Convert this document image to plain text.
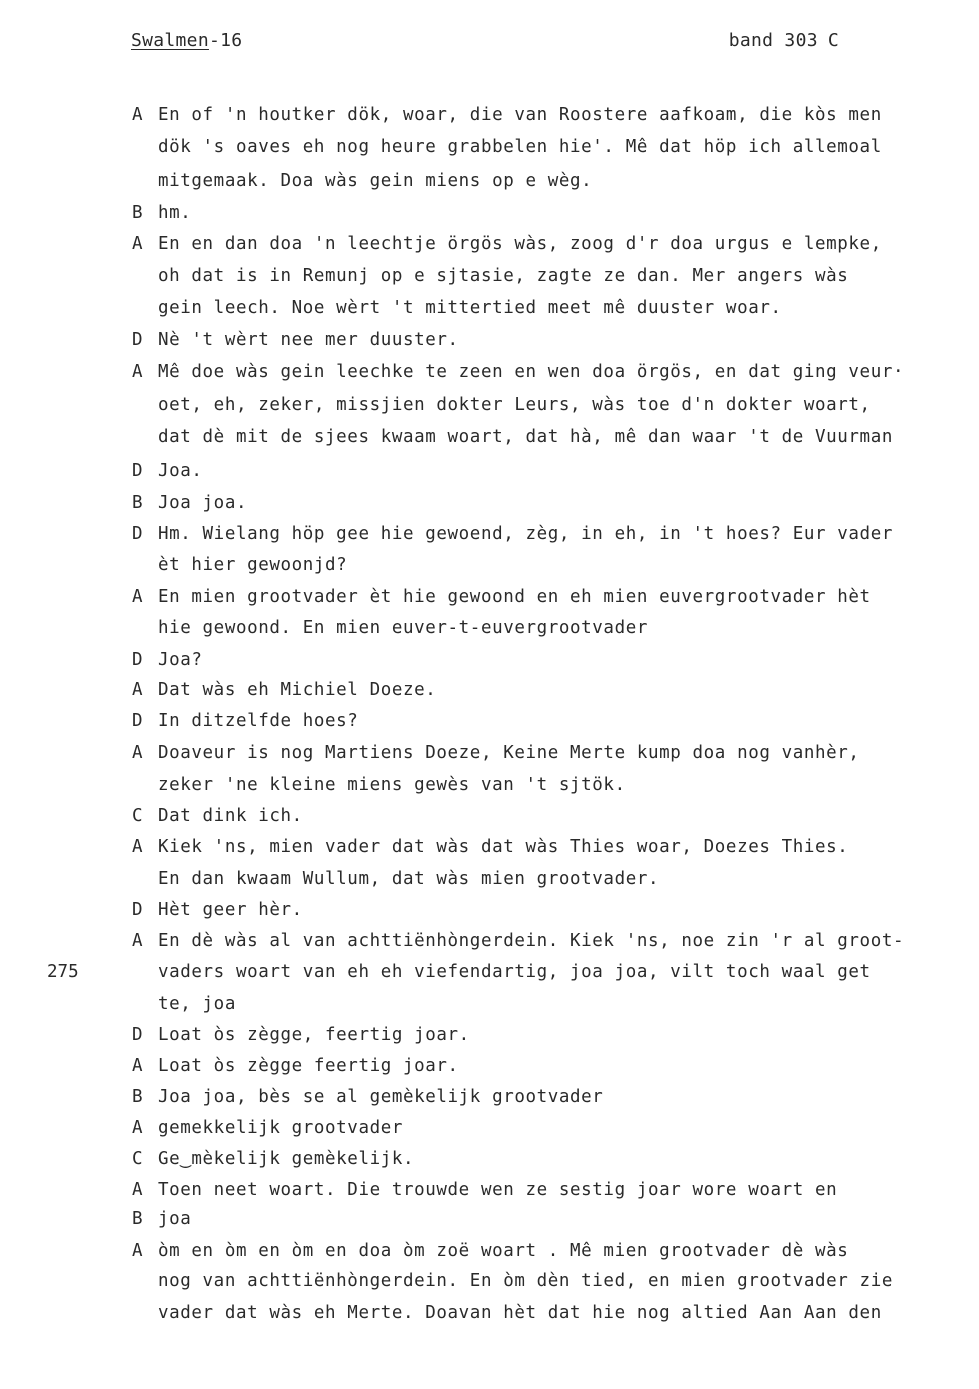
Swalmen-16	band 303 C
275
A
B
A
D
A
D
B
D
A
D
A
D
A
C
A
D
A
D
A
B
A
C
A
B
A
En of 'n houtker dök, woar, die van Roostere aafkoam, die kòs men
dök 's oaves eh nog heure grabbelen hie'. Mê dat höp ich allemoal
mitgemaak. Doa wàs gein miens op e wèg.
hm.
En en dan doa 'n leechtje örgös wàs, zoog d'r doa urgus e lempke,
oh dat is in Remunj op e sjtasie, zagte ze dan. Mer angers wàs
gein leech. Noe wèrt 't mittertied meet mê duuster woar.
Nè 't wèrt nee mer duuster.
Mê doe wàs gein leechke te zeen en wen doa örgös, en dat ging veur·
oet, eh, zeker, missjien dokter Leurs, wàs toe d'n dokter woart,
dat dè mit de sjees kwaam woart, dat hà, mê dan waar 't de Vuurman
Joa.
Joa joa.
Hm. Wielang höp gee hie gewoend, zèg, in eh, in 't hoes? Eur vader
èt hier gewoonjd?
En mien grootvader èt hie gewoond en eh mien euvergrootvader hèt
hie gewoond. En mien euver-t-euvergrootvader
Joa?
Dat wàs eh Michiel Doeze.
In ditzelfde hoes?
Doaveur is nog Martiens Doeze, Keine Merte kump doa nog vanhèr,
zeker 'ne kleine miens gewès van 't sjtök.
Dat dink ich.
Kiek 'ns, mien vader dat wàs dat wàs Thies woar, Doezes Thies.
En dan kwaam Wullum, dat wàs mien grootvader.
Hèt geer hèr.
En dè wàs al van achttiënhòngerdein. Kiek 'ns, noe zin 'r al groot-
vaders woart van eh eh viefendartig, joa joa, vilt toch waal get
te, joa
Loat òs zègge, feertig joar.
Loat òs zègge feertig joar.
Joa joa, bès se al gemèkelijk grootvader
gemekkelijk grootvader
Ge‿mèkelijk gemèkelijk.
Toen neet woart. Die trouwde wen ze sestig joar wore woart en
joa
òm en òm en òm en doa òm zoë woart . Mê mien grootvader dè wàs
nog van achttiënhòngerdein. En òm dèn tied, en mien grootvader zie
vader dat wàs eh Merte. Doavan hèt dat hie nog altied Aan Aan den
